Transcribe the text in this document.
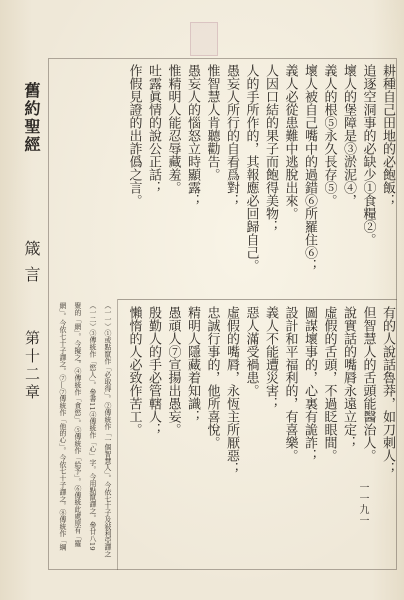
舊約聖經
箴言
第十二章
一一九一
耕種自己田地的必飽飯；
追逐空洞事的必缺少①食糧②。
壞人的堡障是③淤泥④，
義人的根⑤永久長存⑤。
壞人被自己嘴中的過錯⑥所羅住⑥；
義人必從患難中逃脫出來。
人因口結的果子而飽得美物；
人的手所作的，其報應必回歸自己。
愚妄人所行的自看爲對；
惟智慧人肯聽勸告。
愚妄人的惱怒立時顯露；
惟精明人能忍辱藏羞。
吐露眞情的說公正話；
作假見證的出詐僞之言。
有的人說話魯莽，如刀刺人；
但智慧人的舌頭能醫治人。
說實話的嘴脣永遠立定；
虛假的舌頭，不過眨眼間。
圖謀壞事的，心裏有詭詐；
設計和平福利的，有喜樂。
義人不能遭災害；
惡人滿受禍患。
虛假的嘴脣，永恆主所厭惡；
忠誠行事的，他所喜悅。
精明人隱藏着知識；
愚頑人⑦宣揚出愚妄。
殷勤人的手必管轄人；
懶惰的人必致作苦工。
（一一）①或點竄作「必取得」。②傳統作「一個智慧人」。今依七十子及敍利亞譯之
（一二）③傳統作「慾人」。參書11④傳統作「心」字。今用點竄譯之。參廿八19
聚的「網」。今擬之。④傳統作「貪慾」。⑤傳統作「給予」。⑥傳統此處原有「羅
網」。今依七十子譯之。⑦—⑦傳統作「他的心」。今依七十子譯之。⑧傳統作「綱
